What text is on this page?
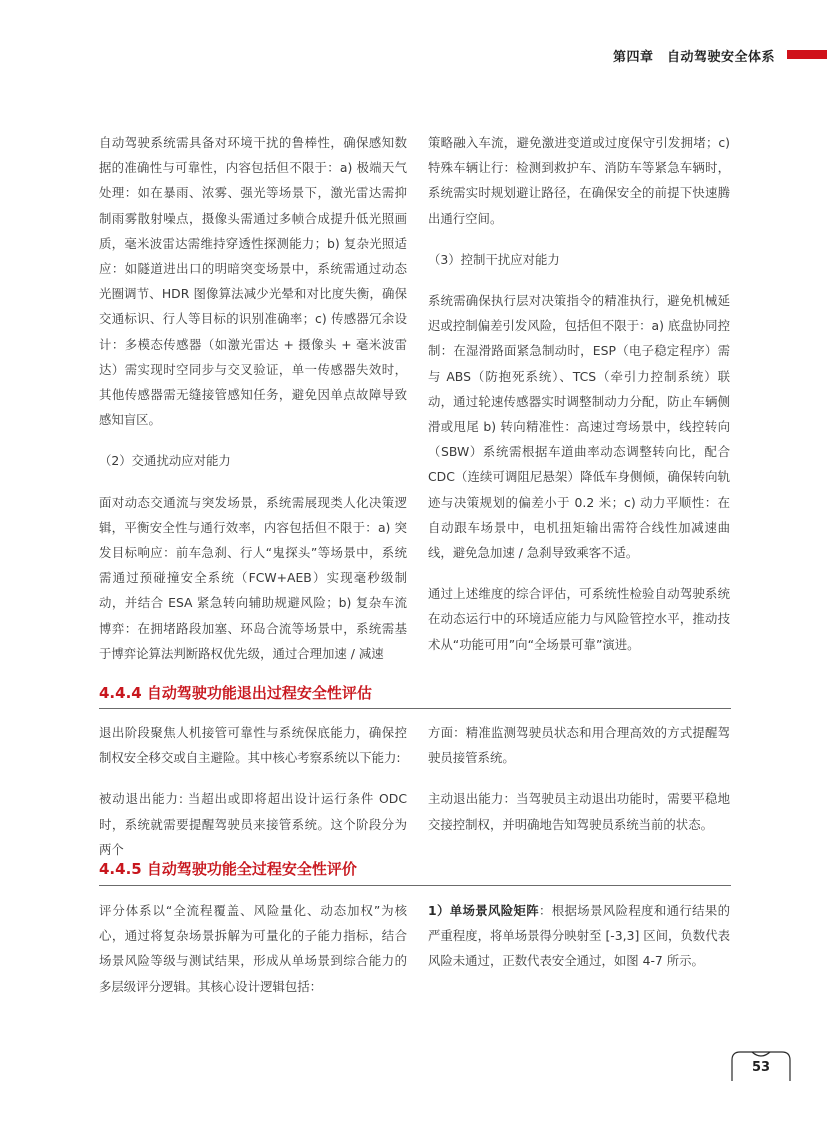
第四章　自动驾驶安全体系

自动驾驶系统需具备对环境干扰的鲁棒性，确保感知数据的准确性与可靠性，内容包括但不限于：a) 极端天气处理：如在暴雨、浓雾、强光等场景下，激光雷达需抑制雨雾散射噪点，摄像头需通过多帧合成提升低光照画质，毫米波雷达需维持穿透性探测能力；b) 复杂光照适应：如隧道进出口的明暗突变场景中，系统需通过动态光圈调节、HDR 图像算法减少光晕和对比度失衡，确保交通标识、行人等目标的识别准确率；c) 传感器冗余设计：多模态传感器（如激光雷达 + 摄像头 + 毫米波雷达）需实现时空同步与交叉验证，单一传感器失效时，其他传感器需无缝接管感知任务，避免因单点故障导致感知盲区。

（2）交通扰动应对能力

面对动态交通流与突发场景，系统需展现类人化决策逻辑，平衡安全性与通行效率，内容包括但不限于：a) 突发目标响应：前车急刹、行人“鬼探头”等场景中，系统需通过预碰撞安全系统（FCW+AEB）实现毫秒级制动，并结合 ESA 紧急转向辅助规避风险；b) 复杂车流博弈：在拥堵路段加塞、环岛合流等场景中，系统需基于博弈论算法判断路权优先级，通过合理加速 / 减速

策略融入车流，避免激进变道或过度保守引发拥堵；c) 特殊车辆让行：检测到救护车、消防车等紧急车辆时，系统需实时规划避让路径，在确保安全的前提下快速腾出通行空间。

（3）控制干扰应对能力

系统需确保执行层对决策指令的精准执行，避免机械延迟或控制偏差引发风险，包括但不限于：a) 底盘协同控制：在湿滑路面紧急制动时，ESP（电子稳定程序）需与 ABS（防抱死系统）、TCS（牵引力控制系统）联动，通过轮速传感器实时调整制动力分配，防止车辆侧滑或甩尾 b) 转向精准性：高速过弯场景中，线控转向（SBW）系统需根据车道曲率动态调整转向比，配合 CDC（连续可调阻尼悬架）降低车身侧倾，确保转向轨迹与决策规划的偏差小于 0.2 米；c) 动力平顺性：在自动跟车场景中，电机扭矩输出需符合线性加减速曲线，避免急加速 / 急刹导致乘客不适。

通过上述维度的综合评估，可系统性检验自动驾驶系统在动态运行中的环境适应能力与风险管控水平，推动技术从“功能可用”向“全场景可靠”演进。

4.4.4 自动驾驶功能退出过程安全性评估

退出阶段聚焦人机接管可靠性与系统保底能力，确保控制权安全移交或自主避险。其中核心考察系统以下能力:

被动退出能力: 当超出或即将超出设计运行条件 ODC 时，系统就需要提醒驾驶员来接管系统。这个阶段分为两个

方面：精准监测驾驶员状态和用合理高效的方式提醒驾驶员接管系统。

主动退出能力：当驾驶员主动退出功能时，需要平稳地交接控制权，并明确地告知驾驶员系统当前的状态。

4.4.5 自动驾驶功能全过程安全性评价

评分体系以“全流程覆盖、风险量化、动态加权”为核心，通过将复杂场景拆解为可量化的子能力指标，结合场景风险等级与测试结果，形成从单场景到综合能力的多层级评分逻辑。其核心设计逻辑包括：

1）单场景风险矩阵：根据场景风险程度和通行结果的严重程度，将单场景得分映射至 [-3,3] 区间，负数代表风险未通过，正数代表安全通过，如图 4-7 所示。

53
